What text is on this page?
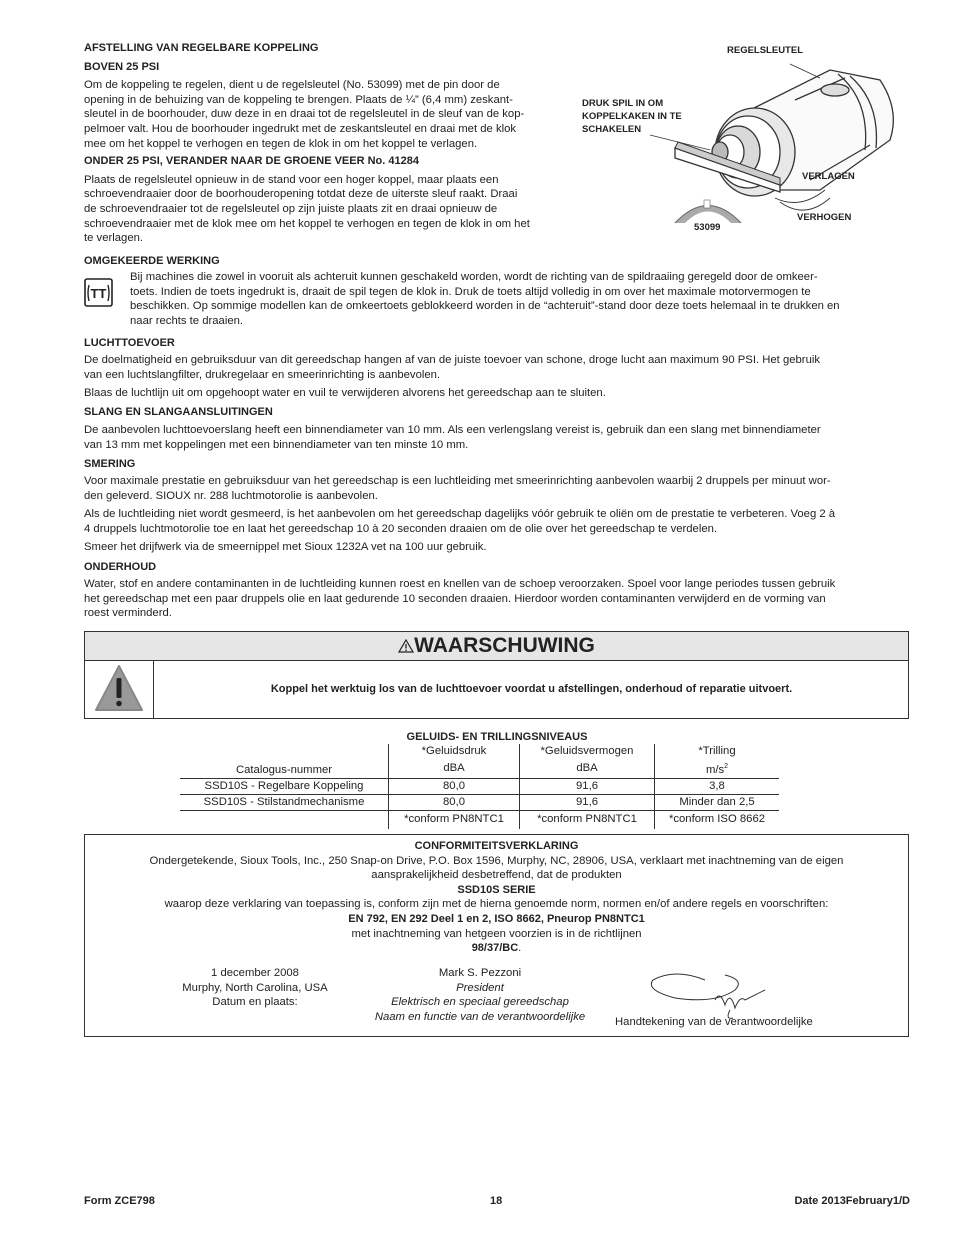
AFSTELLING VAN REGELBARE KOPPELING

BOVEN 25 PSI

Om de koppeling te regelen, dient u de regelsleutel (No. 53099) met de pin door de

opening in de behuizing van de koppeling te brengen. Plaats de ¼” (6,4 mm) zeskant-

sleutel in de boorhouder, duw deze in en draai tot de regelsleutel in de sleuf van de kop-

pelmoer valt. Hou de boorhouder ingedrukt met de zeskantsleutel en draai met de klok

mee om het koppel te verhogen en tegen de klok in om het koppel te verlagen.

ONDER 25 PSI, VERANDER NAAR DE GROENE VEER No. 41284

Plaats de regelsleutel opnieuw in de stand voor een hoger koppel, maar plaats een

schroevendraaier door de boorhouderopening totdat deze de uiterste sleuf raakt. Draai

de schroevendraaier tot de regelsleutel op zijn juiste plaats zit en draai opnieuw de

schroevendraaier met de klok mee om het koppel te verhogen en tegen de klok in om het

te verlagen.

REGELSLEUTEL
DRUK SPIL IN OM
KOPPELKAKEN IN TE
SCHAKELEN
VERLAGEN
VERHOGEN
53099

OMGEKEERDE WERKING

TT

Bij machines die zowel in vooruit als achteruit kunnen geschakeld worden, wordt de richting van de spildraaiing geregeld door de omkeer-

toets. Indien de toets ingedrukt is, draait de spil tegen de klok in. Druk de toets altijd volledig in om over het maximale motorvermogen te

beschikken. Op sommige modellen kan de omkeertoets geblokkeerd worden in de “achteruit”-stand door deze toets helemaal in te drukken en

naar rechts te draaien.

LUCHTTOEVOER

De doelmatigheid en gebruiksduur van dit gereedschap hangen af van de juiste toevoer van schone, droge lucht aan maximum 90 PSI. Het gebruik

van een luchtslangfilter, drukregelaar en smeerinrichting is aanbevolen.

Blaas de luchtlijn uit om opgehoopt water en vuil te verwijderen alvorens het gereedschap aan te sluiten.

SLANG EN SLANGAANSLUITINGEN

De aanbevolen luchttoevoerslang heeft een binnendiameter van 10 mm. Als een verlengslang vereist is, gebruik dan een slang met binnendiameter

van 13 mm met koppelingen met een binnendiameter van ten minste 10 mm.

SMERING

Voor maximale prestatie en gebruiksduur van het gereedschap is een luchtleiding met smeerinrichting aanbevolen waarbij 2 druppels per minuut wor-

den geleverd. SIOUX nr. 288 luchtmotorolie is aanbevolen.

Als de luchtleiding niet wordt gesmeerd, is het aanbevolen om het gereedschap dagelijks vóór gebruik te oliën om de prestatie te verbeteren. Voeg 2 à

4 druppels luchtmotorolie toe en laat het gereedschap 10 à 20 seconden draaien om de olie over het gereedschap te verdelen.

Smeer het drijfwerk via de smeernippel met Sioux 1232A vet na 100 uur gebruik.

ONDERHOUD

Water, stof en andere contaminanten in de luchtleiding kunnen roest en knellen van de schoep veroorzaken. Spoel voor lange periodes tussen gebruik

het gereedschap met een paar druppels olie en laat gedurende 10 seconden draaien. Hierdoor worden contaminanten verwijderd en de vorming van

roest verminderd.

WAARSCHUWING
Koppel het werktuig los van de luchttoevoer voordat u afstellingen, onderhoud of reparatie uitvoert.
GELUIDS- EN TRILLINGSNIVEAUS
Catalogus-nummer	*Geluidsdruk	*Geluidsvermogen	*Trilling
	dBA	dBA	$m/s^2$
SSD10S - Regelbare Koppeling	80,0	91,6	3,8
SSD10S - Stilstandmechanisme	80,0	91,6	Minder dan 2,5
	*conform PN8NTC1	*conform PN8NTC1	*conform ISO 8662
CONFORMITEITSVERKLARING
Ondergetekende, Sioux Tools, Inc., 250 Snap-on Drive, P.O. Box 1596, Murphy, NC, 28906, USA, verklaart met inachtneming van de eigen
aansprakelijkheid desbetreffend, dat de produkten
SSD10S SERIE
waarop deze verklaring van toepassing is, conform zijn met de hierna genoemde norm, normen en/of andere regels en voorschriften:
EN 792, EN 292 Deel 1 en 2, ISO 8662, Pneurop PN8NTC1
met inachtneming van hetgeen voorzien is in de richtlijnen
98/37/BC.
1 december 2008
Murphy, North Carolina, USA
Datum en plaats:
Mark S. Pezzoni
President
Elektrisch en speciaal gereedschap
Naam en functie van de verantwoordelijke	Handtekening van de verantwoordelijke
Form ZCE798	18	Date 2013February1/D
